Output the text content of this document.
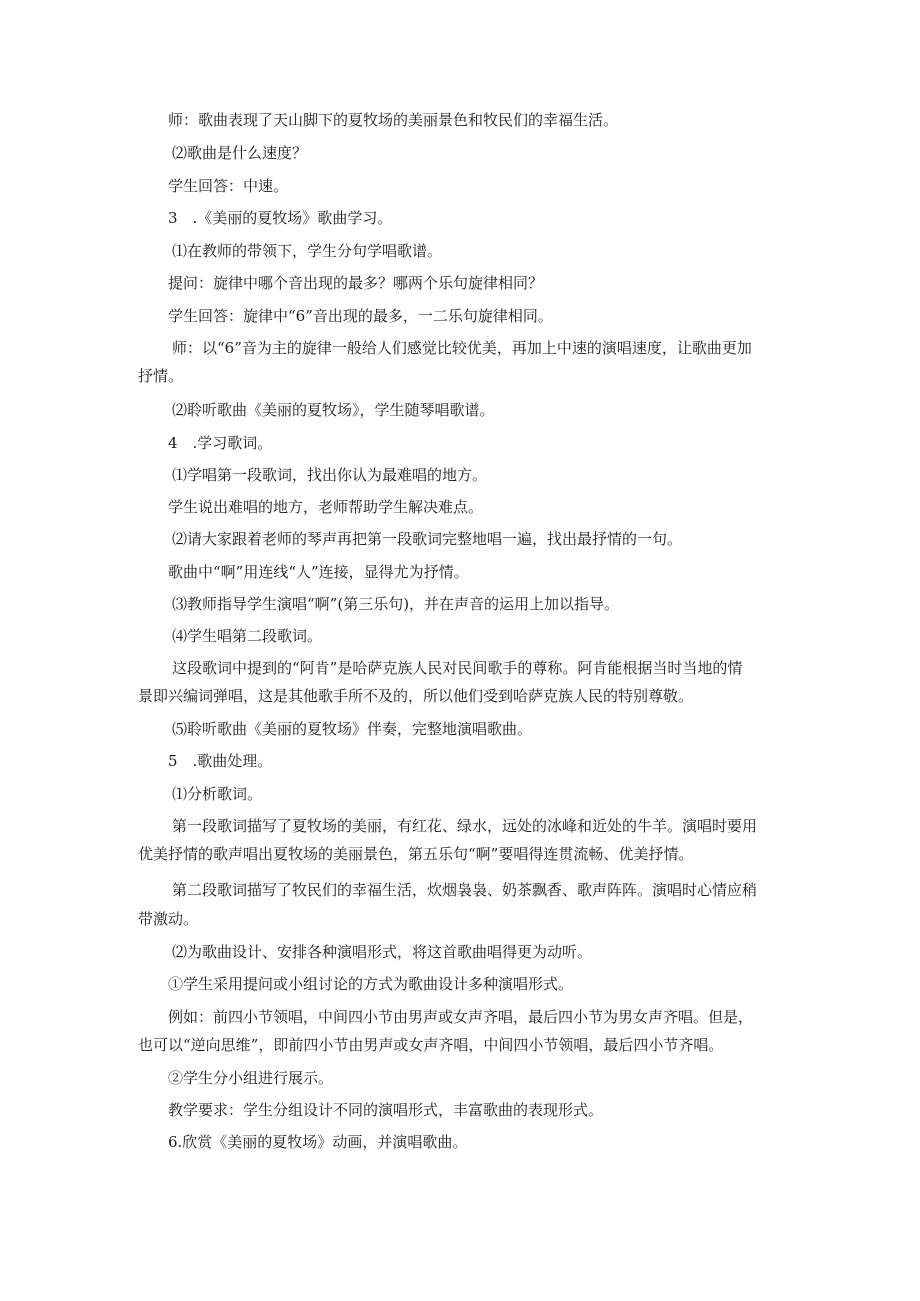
师：歌曲表现了天山脚下的夏牧场的美丽景色和牧民们的幸福生活。
⑵歌曲是什么速度？
学生回答：中速。
3　.《美丽的夏牧场》歌曲学习。
⑴在教师的带领下，学生分句学唱歌谱。
提问：旋律中哪个音出现的最多？哪两个乐句旋律相同？
学生回答：旋律中“6”音出现的最多，一二乐句旋律相同。
师：以“6”音为主的旋律一般给人们感觉比较优美，再加上中速的演唱速度，让歌曲更加
抒情。
⑵聆听歌曲《美丽的夏牧场》，学生随琴唱歌谱。
4　.学习歌词。
⑴学唱第一段歌词，找出你认为最难唱的地方。
学生说出难唱的地方，老师帮助学生解决难点。
⑵请大家跟着老师的琴声再把第一段歌词完整地唱一遍，找出最抒情的一句。
歌曲中“啊”用连线“人”连接，显得尤为抒情。
⑶教师指导学生演唱“啊”(第三乐句)，并在声音的运用上加以指导。
⑷学生唱第二段歌词。
这段歌词中提到的“阿肯”是哈萨克族人民对民间歌手的尊称。阿肯能根据当时当地的情
景即兴编词弹唱，这是其他歌手所不及的，所以他们受到哈萨克族人民的特别尊敬。
⑸聆听歌曲《美丽的夏牧场》伴奏，完整地演唱歌曲。
5　.歌曲处理。
⑴分析歌词。
第一段歌词描写了夏牧场的美丽，有红花、绿水，远处的冰峰和近处的牛羊。演唱时要用
优美抒情的歌声唱出夏牧场的美丽景色，第五乐句“啊”要唱得连贯流畅、优美抒情。
第二段歌词描写了牧民们的幸福生活，炊烟袅袅、奶茶飘香、歌声阵阵。演唱时心情应稍
带激动。
⑵为歌曲设计、安排各种演唱形式，将这首歌曲唱得更为动听。
①学生采用提问或小组讨论的方式为歌曲设计多种演唱形式。
例如：前四小节领唱，中间四小节由男声或女声齐唱，最后四小节为男女声齐唱。但是，
也可以“逆向思维”，即前四小节由男声或女声齐唱，中间四小节领唱，最后四小节齐唱。
②学生分小组进行展示。
教学要求：学生分组设计不同的演唱形式，丰富歌曲的表现形式。
6.欣赏《美丽的夏牧场》动画，并演唱歌曲。
